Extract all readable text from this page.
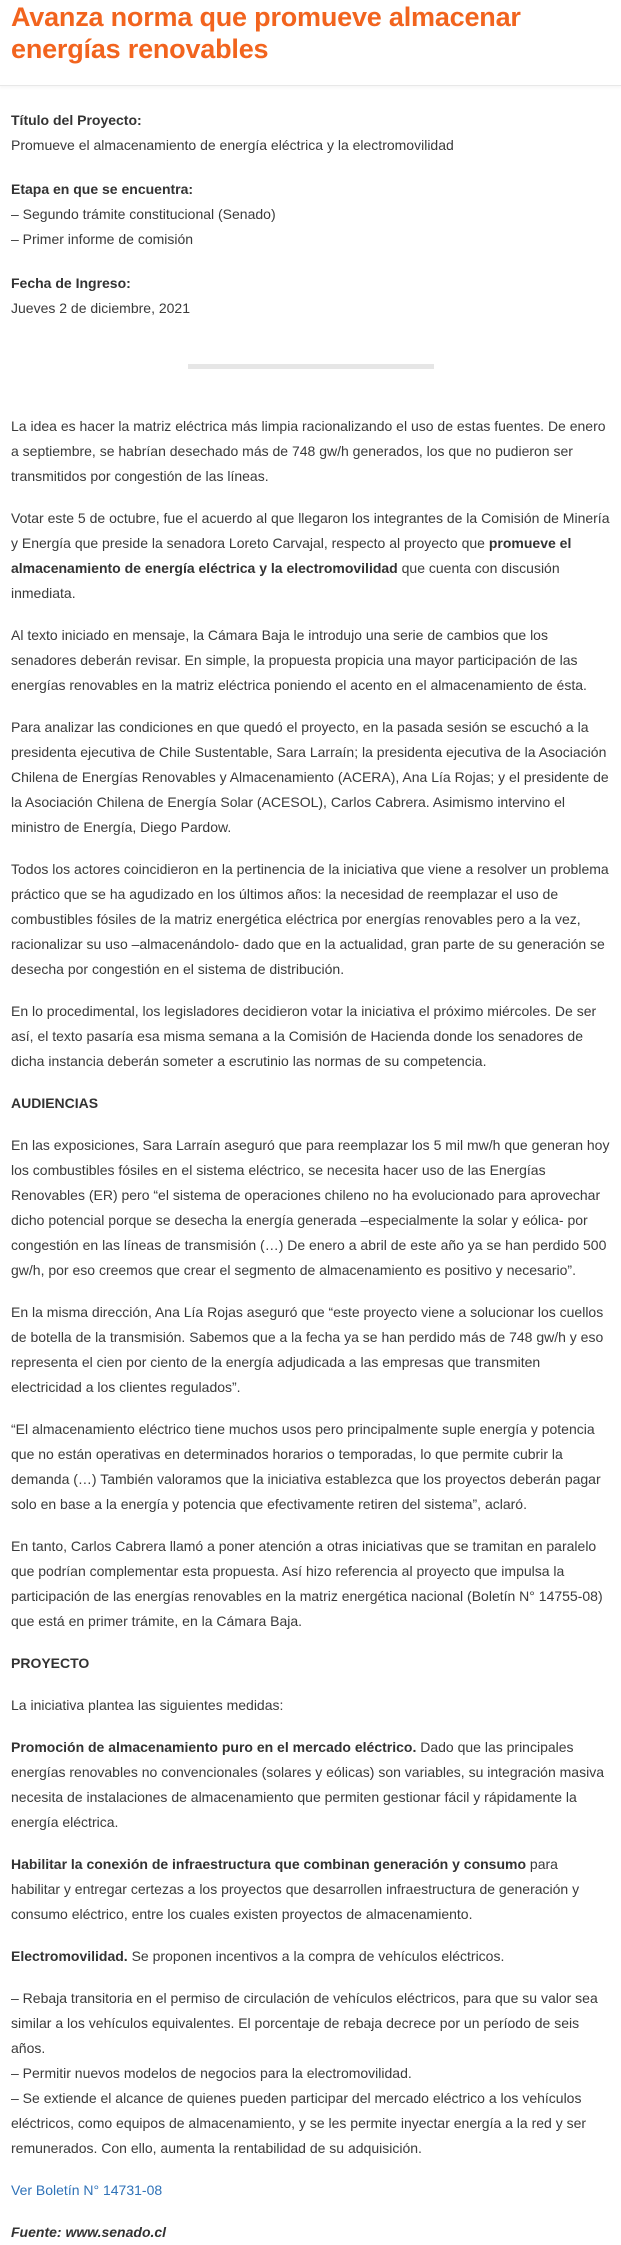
Avanza norma que promueve almacenar energías renovables

Título del Proyecto:

Promueve el almacenamiento de energía eléctrica y la electromovilidad

Etapa en que se encuentra:

– Segundo trámite constitucional (Senado)

– Primer informe de comisión

Fecha de Ingreso:

Jueves 2 de diciembre, 2021

La idea es hacer la matriz eléctrica más limpia racionalizando el uso de estas fuentes. De enero a septiembre, se habrían desechado más de 748 gw/h generados, los que no pudieron ser transmitidos por congestión de las líneas.

Votar este 5 de octubre, fue el acuerdo al que llegaron los integrantes de la Comisión de Minería y Energía que preside la senadora Loreto Carvajal, respecto al proyecto que promueve el almacenamiento de energía eléctrica y la electromovilidad que cuenta con discusión inmediata.

Al texto iniciado en mensaje, la Cámara Baja le introdujo una serie de cambios que los senadores deberán revisar. En simple, la propuesta propicia una mayor participación de las energías renovables en la matriz eléctrica poniendo el acento en el almacenamiento de ésta.

Para analizar las condiciones en que quedó el proyecto, en la pasada sesión se escuchó a la presidenta ejecutiva de Chile Sustentable, Sara Larraín; la presidenta ejecutiva de la Asociación Chilena de Energías Renovables y Almacenamiento (ACERA), Ana Lía Rojas; y el presidente de la Asociación Chilena de Energía Solar (ACESOL), Carlos Cabrera. Asimismo intervino el ministro de Energía, Diego Pardow.

Todos los actores coincidieron en la pertinencia de la iniciativa que viene a resolver un problema práctico que se ha agudizado en los últimos años: la necesidad de reemplazar el uso de combustibles fósiles de la matriz energética eléctrica por energías renovables pero a la vez, racionalizar su uso –almacenándolo- dado que en la actualidad, gran parte de su generación se desecha por congestión en el sistema de distribución.

En lo procedimental, los legisladores decidieron votar la iniciativa el próximo miércoles. De ser así, el texto pasaría esa misma semana a la Comisión de Hacienda donde los senadores de dicha instancia deberán someter a escrutinio las normas de su competencia.

AUDIENCIAS

En las exposiciones, Sara Larraín aseguró que para reemplazar los 5 mil mw/h que generan hoy los combustibles fósiles en el sistema eléctrico, se necesita hacer uso de las Energías Renovables (ER) pero “el sistema de operaciones chileno no ha evolucionado para aprovechar dicho potencial porque se desecha la energía generada –especialmente la solar y eólica- por congestión en las líneas de transmisión (…) De enero a abril de este año ya se han perdido 500 gw/h, por eso creemos que crear el segmento de almacenamiento es positivo y necesario”.

En la misma dirección, Ana Lía Rojas aseguró que “este proyecto viene a solucionar los cuellos de botella de la transmisión. Sabemos que a la fecha ya se han perdido más de 748 gw/h y eso representa el cien por ciento de la energía adjudicada a las empresas que transmiten electricidad a los clientes regulados”.

“El almacenamiento eléctrico tiene muchos usos pero principalmente suple energía y potencia que no están operativas en determinados horarios o temporadas, lo que permite cubrir la demanda (…) También valoramos que la iniciativa establezca que los proyectos deberán pagar solo en base a la energía y potencia que efectivamente retiren del sistema”, aclaró.

En tanto, Carlos Cabrera llamó a poner atención a otras iniciativas que se tramitan en paralelo que podrían complementar esta propuesta. Así hizo referencia al proyecto que impulsa la participación de las energías renovables en la matriz energética nacional (Boletín N° 14755-08) que está en primer trámite, en la Cámara Baja.

PROYECTO

La iniciativa plantea las siguientes medidas:

Promoción de almacenamiento puro en el mercado eléctrico. Dado que las principales energías renovables no convencionales (solares y eólicas) son variables, su integración masiva necesita de instalaciones de almacenamiento que permiten gestionar fácil y rápidamente la energía eléctrica.

Habilitar la conexión de infraestructura que combinan generación y consumo para habilitar y entregar certezas a los proyectos que desarrollen infraestructura de generación y consumo eléctrico, entre los cuales existen proyectos de almacenamiento.

Electromovilidad. Se proponen incentivos a la compra de vehículos eléctricos.

– Rebaja transitoria en el permiso de circulación de vehículos eléctricos, para que su valor sea similar a los vehículos equivalentes. El porcentaje de rebaja decrece por un período de seis años.

– Permitir nuevos modelos de negocios para la electromovilidad.

– Se extiende el alcance de quienes pueden participar del mercado eléctrico a los vehículos eléctricos, como equipos de almacenamiento, y se les permite inyectar energía a la red y ser remunerados. Con ello, aumenta la rentabilidad de su adquisición.

Ver Boletín N° 14731-08

Fuente: www.senado.cl
